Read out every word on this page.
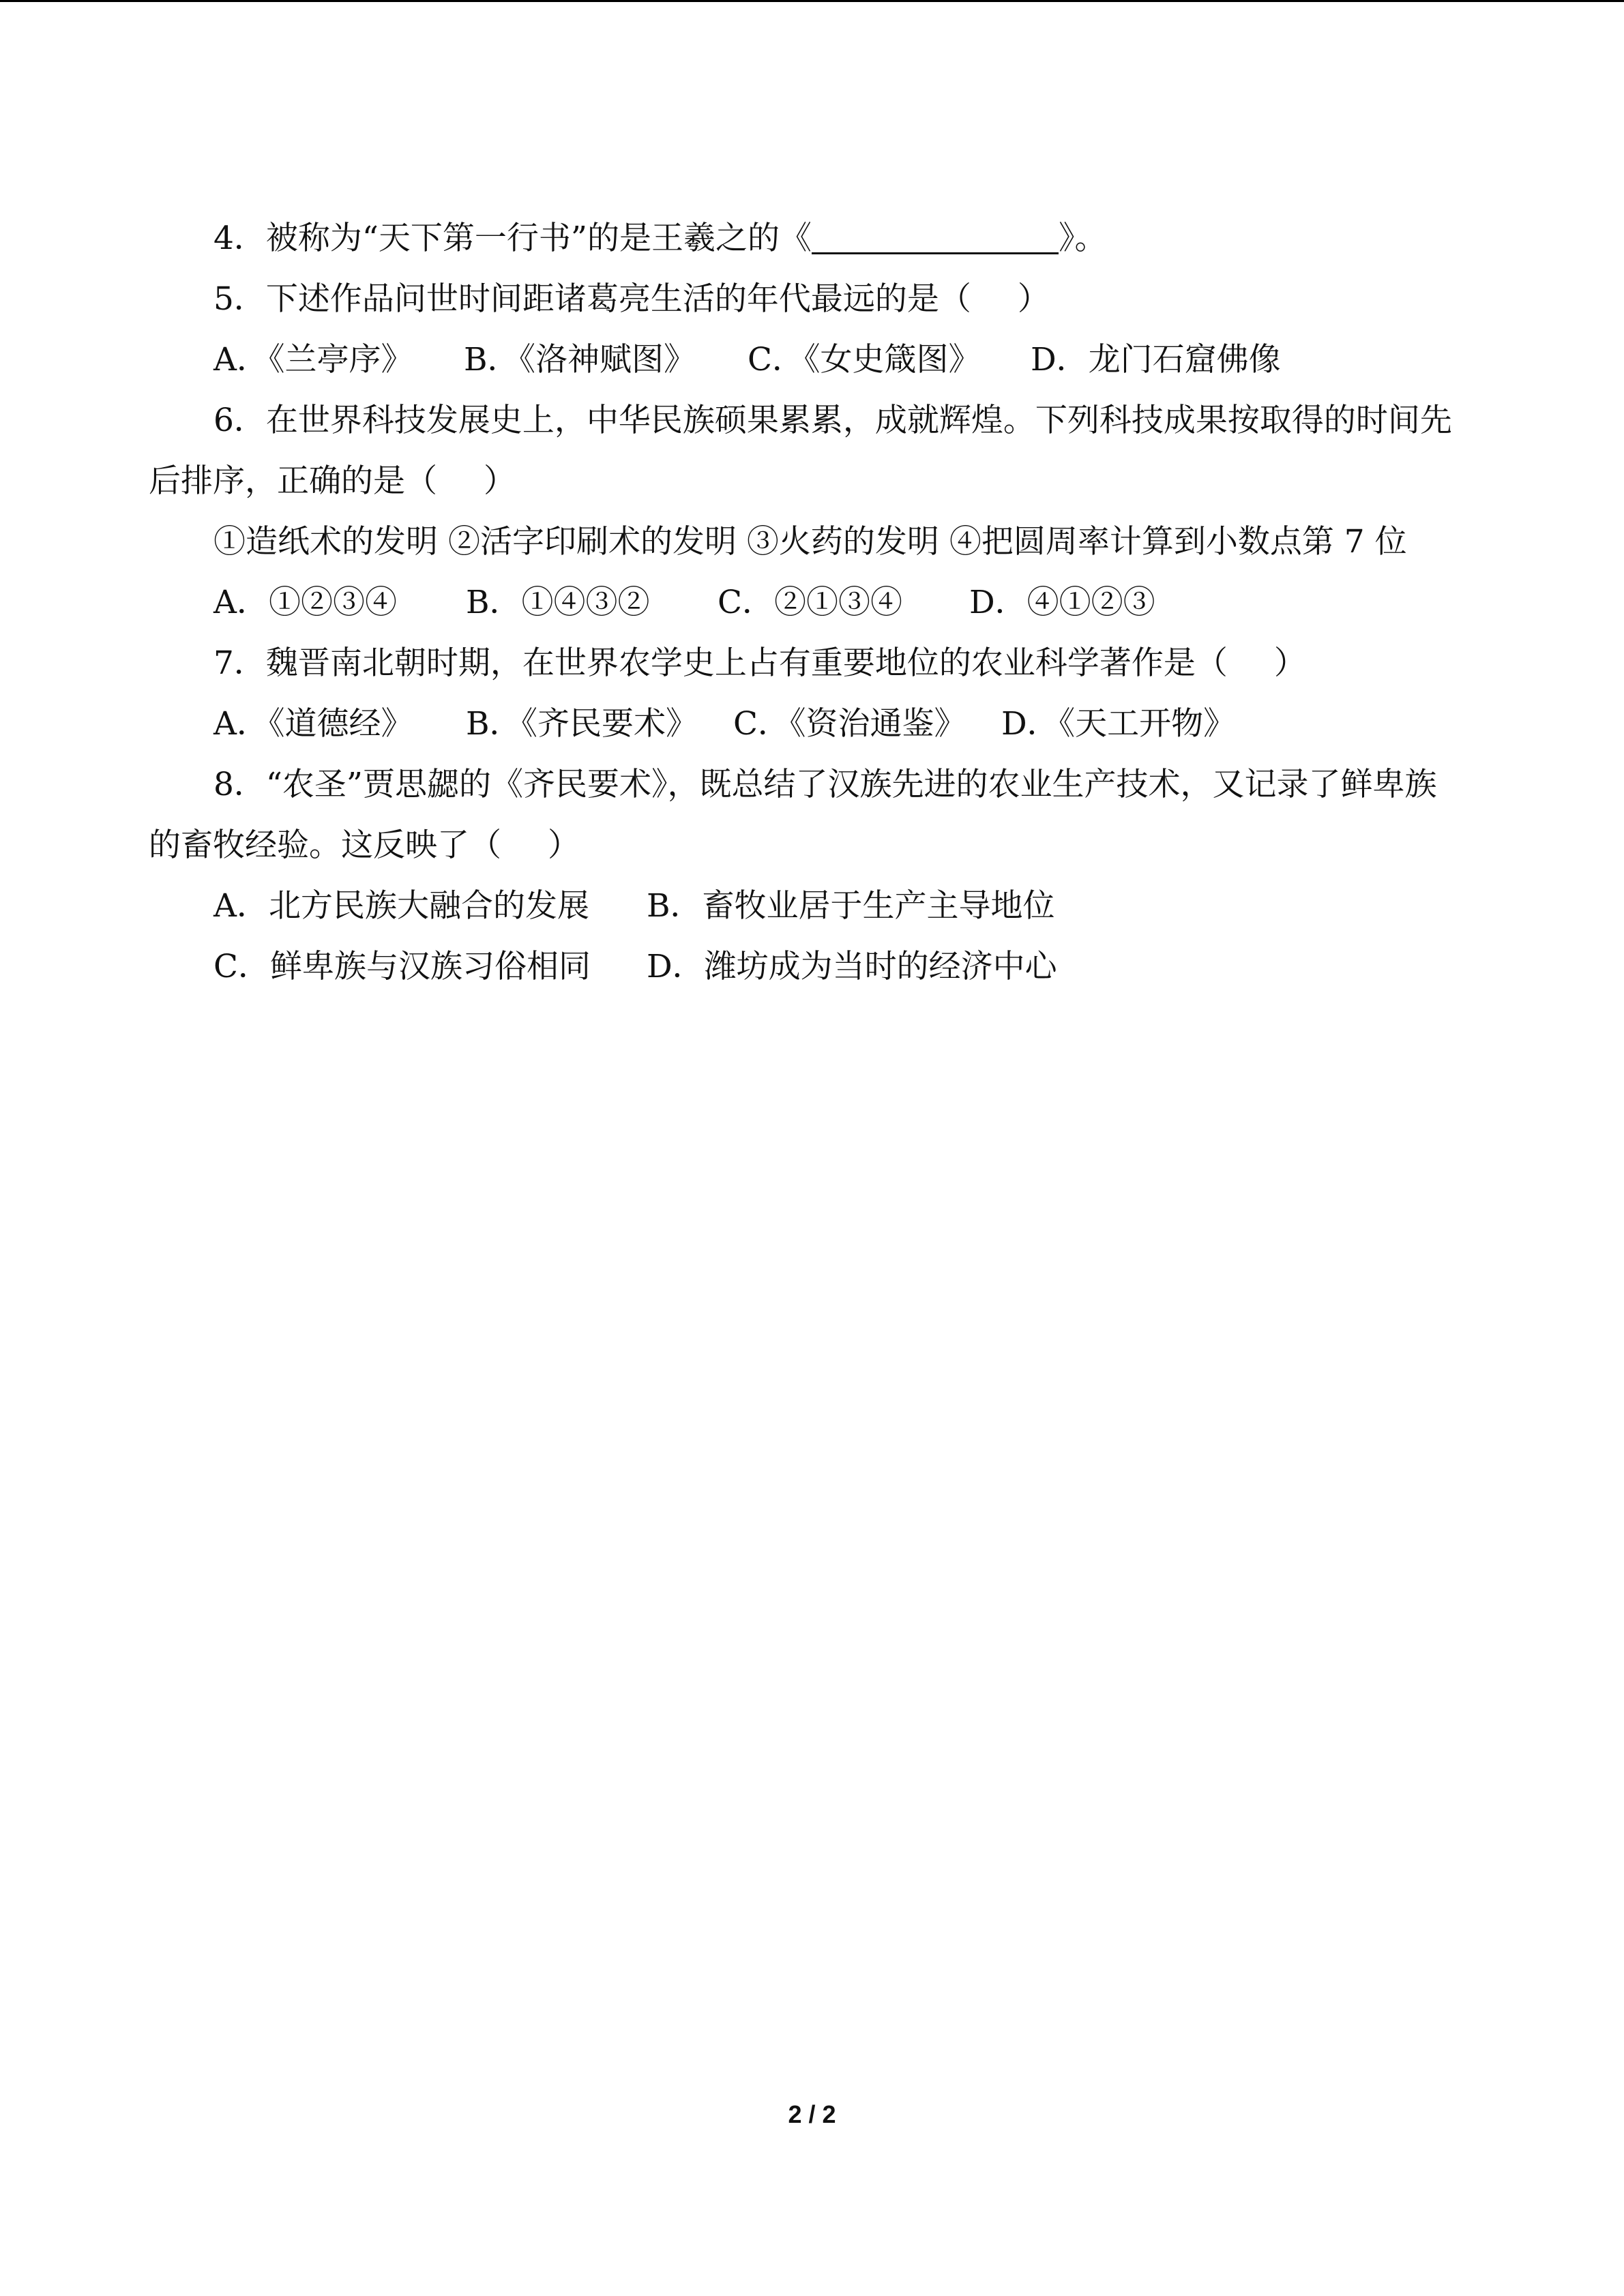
4．被称为“天下第一行书”的是王羲之的《	》。
5．下述作品问世时间距诸葛亮生活的年代最远的是（ ）
A．《兰亭序》 B．《洛神赋图》 C．《女史箴图》 D．龙门石窟佛像
6．在世界科技发展史上，中华民族硕果累累，成就辉煌。下列科技成果按取得的时间先
后排序，正确的是（ ）
①造纸术的发明 ②活字印刷术的发明 ③火药的发明 ④把圆周率计算到小数点第 7 位
A．①②③④ B．①④③② C．②①③④ D．④①②③
7．魏晋南北朝时期，在世界农学史上占有重要地位的农业科学著作是（ ）
A．《道德经》 B．《齐民要术》 C．《资治通鉴》 D．《天工开物》
8．“农圣”贾思勰的《齐民要术》，既总结了汉族先进的农业生产技术，又记录了鲜卑族
的畜牧经验。这反映了（ ）
A．北方民族大融合的发展 B．畜牧业居于生产主导地位
C．鲜卑族与汉族习俗相同 D．潍坊成为当时的经济中心
2 / 2
